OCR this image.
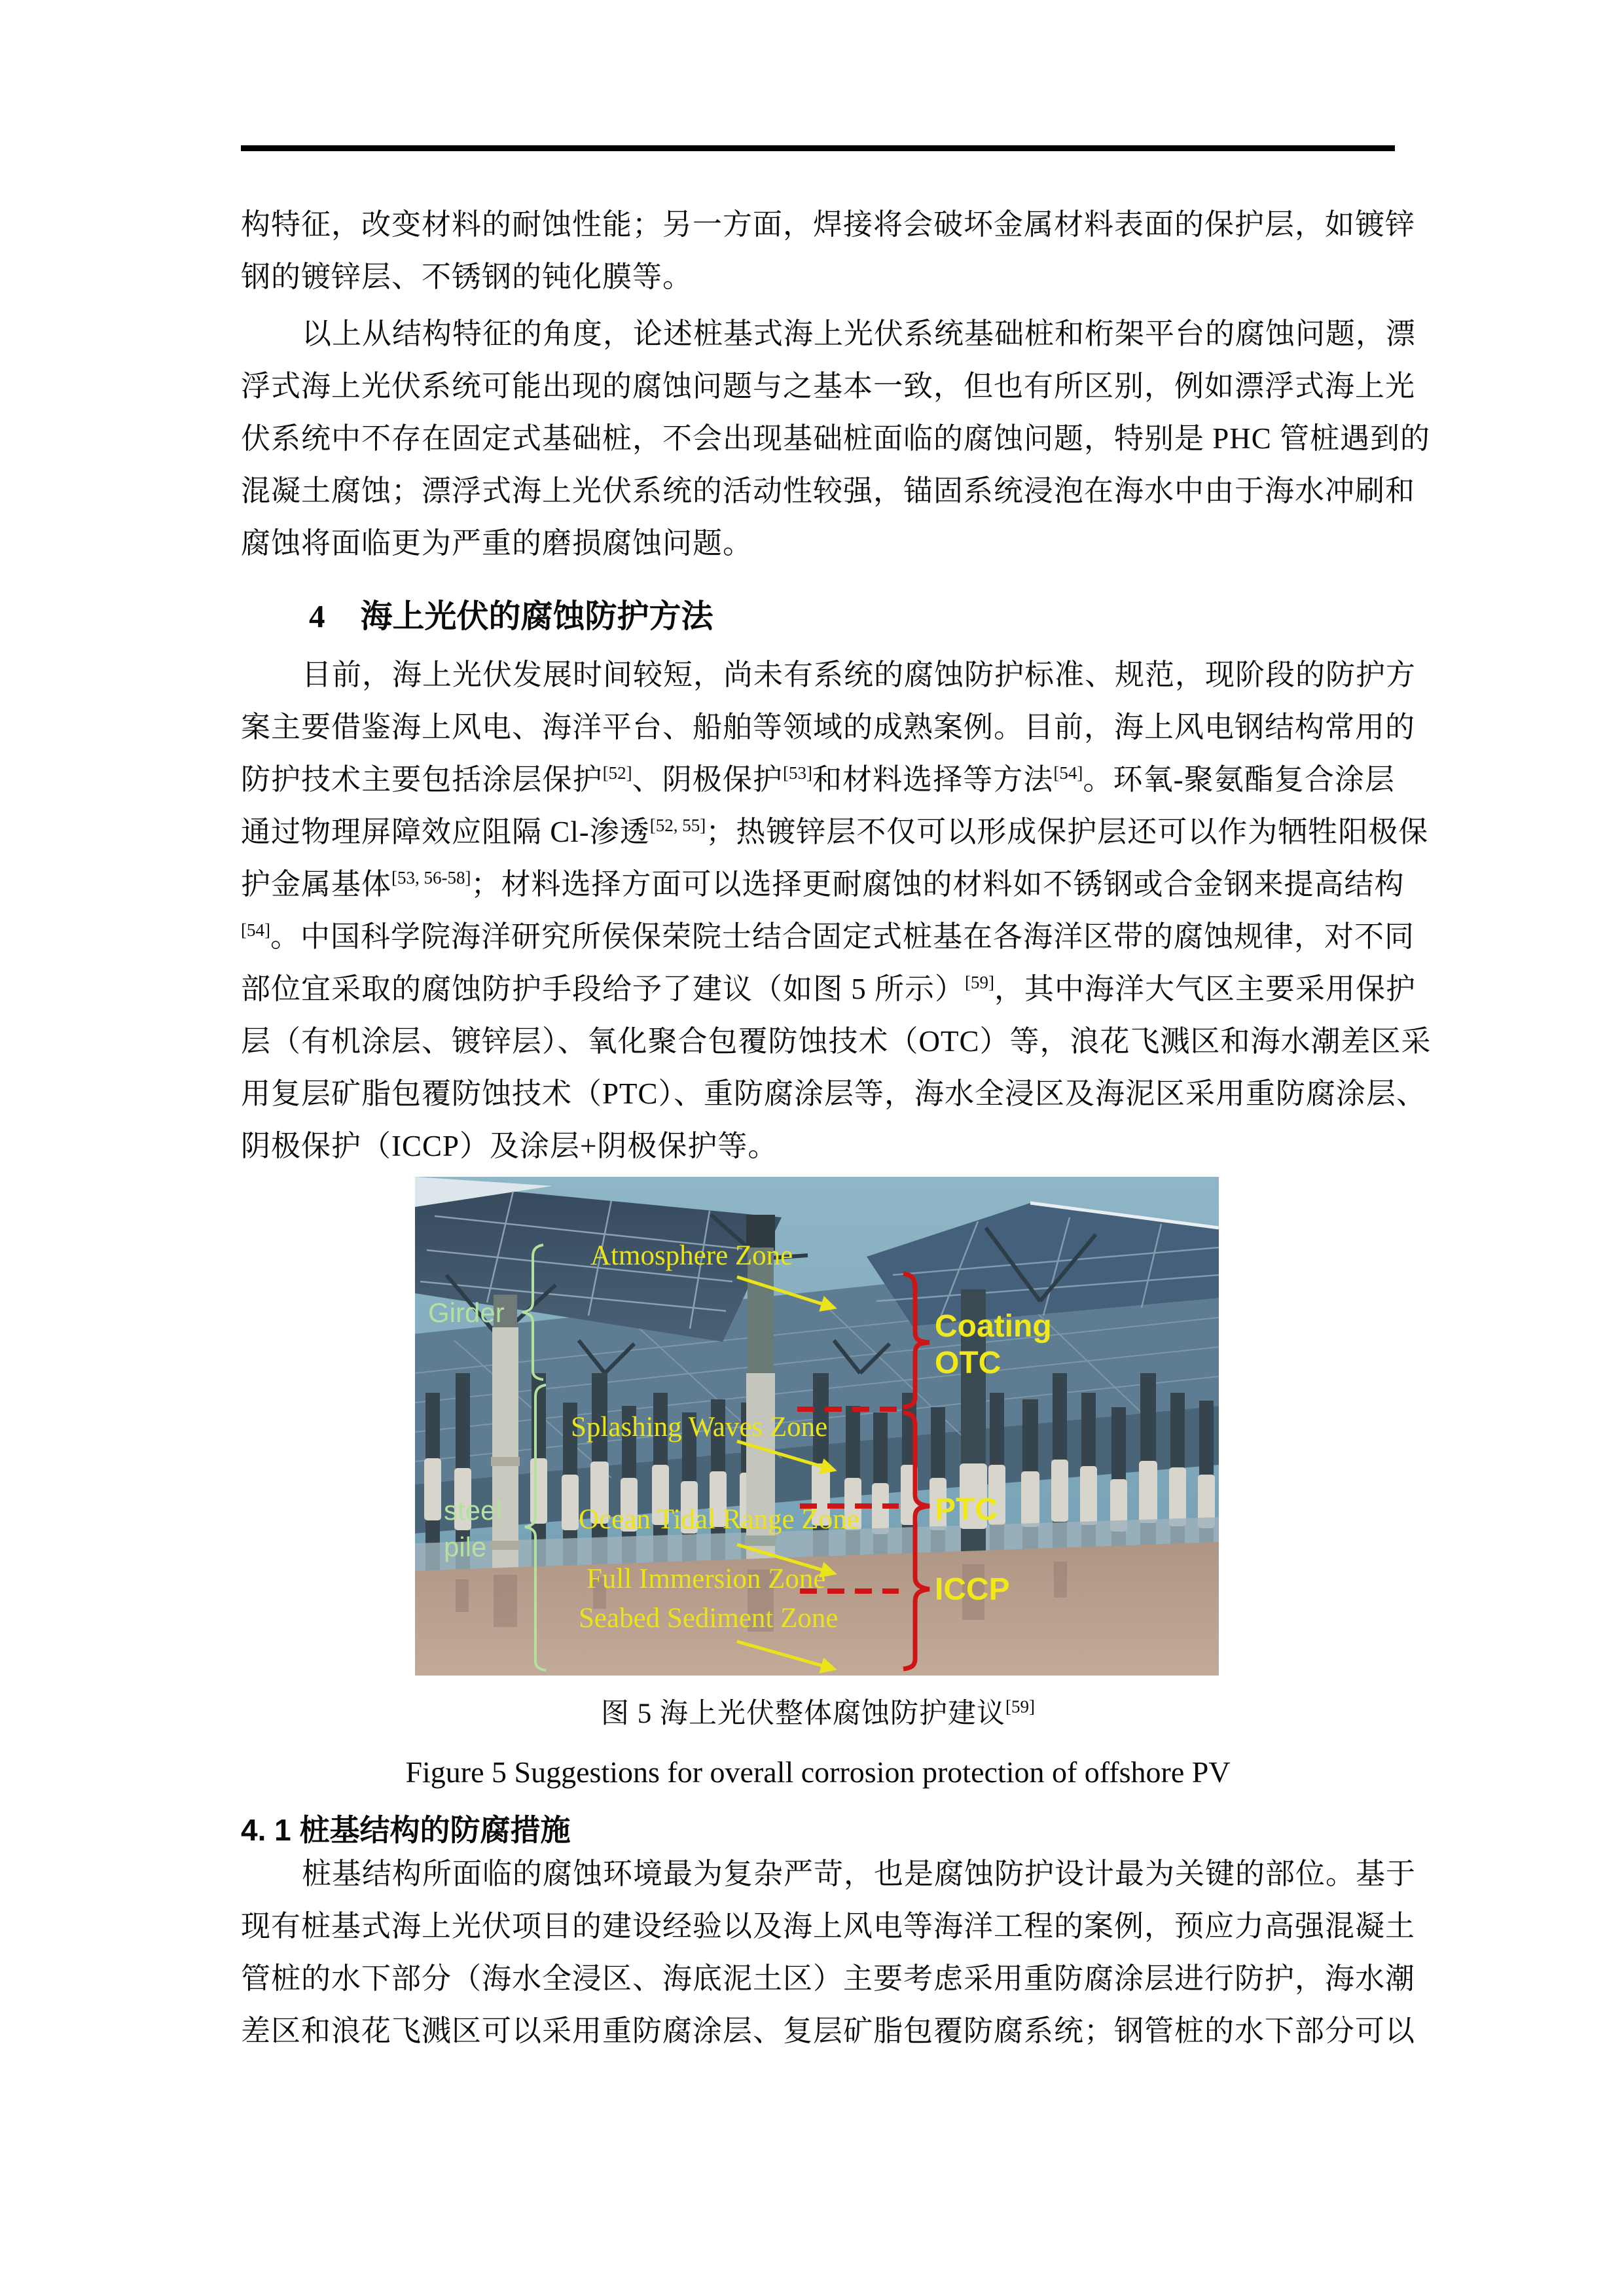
构特征，改变材料的耐蚀性能；另一方面，焊接将会破坏金属材料表面的保护层，如镀锌
钢的镀锌层、不锈钢的钝化膜等。
以上从结构特征的角度，论述桩基式海上光伏系统基础桩和桁架平台的腐蚀问题，漂
浮式海上光伏系统可能出现的腐蚀问题与之基本一致，但也有所区别，例如漂浮式海上光
伏系统中不存在固定式基础桩，不会出现基础桩面临的腐蚀问题，特别是 PHC 管桩遇到的
混凝土腐蚀；漂浮式海上光伏系统的活动性较强，锚固系统浸泡在海水中由于海水冲刷和
腐蚀将面临更为严重的磨损腐蚀问题。
4 海上光伏的腐蚀防护方法
目前，海上光伏发展时间较短，尚未有系统的腐蚀防护标准、规范，现阶段的防护方
案主要借鉴海上风电、海洋平台、船舶等领域的成熟案例。目前，海上风电钢结构常用的
防护技术主要包括涂层保护[52]、阴极保护[53]和材料选择等方法[54]。环氧-聚氨酯复合涂层
通过物理屏障效应阻隔 Cl-渗透[52, 55]；热镀锌层不仅可以形成保护层还可以作为牺牲阳极保
护金属基体[53, 56-58]；材料选择方面可以选择更耐腐蚀的材料如不锈钢或合金钢来提高结构
[54]。中国科学院海洋研究所侯保荣院士结合固定式桩基在各海洋区带的腐蚀规律，对不同
部位宜采取的腐蚀防护手段给予了建议（如图 5 所示）[59]，其中海洋大气区主要采用保护
层（有机涂层、镀锌层）、氧化聚合包覆防蚀技术（OTC）等，浪花飞溅区和海水潮差区采
用复层矿脂包覆防蚀技术（PTC）、重防腐涂层等，海水全浸区及海泥区采用重防腐涂层、
阴极保护（ICCP）及涂层+阴极保护等。
Girder
steel
pile
Atmosphere Zone
Splashing Waves Zone
Ocean Tidal Range Zone
Full Immersion Zone
Seabed Sediment Zone
Coating
OTC
PTC
ICCP
图 5 海上光伏整体腐蚀防护建议[59]
Figure 5 Suggestions for overall corrosion protection of offshore PV
4. 1 桩基结构的防腐措施
桩基结构所面临的腐蚀环境最为复杂严苛，也是腐蚀防护设计最为关键的部位。基于
现有桩基式海上光伏项目的建设经验以及海上风电等海洋工程的案例，预应力高强混凝土
管桩的水下部分（海水全浸区、海底泥土区）主要考虑采用重防腐涂层进行防护，海水潮
差区和浪花飞溅区可以采用重防腐涂层、复层矿脂包覆防腐系统；钢管桩的水下部分可以
